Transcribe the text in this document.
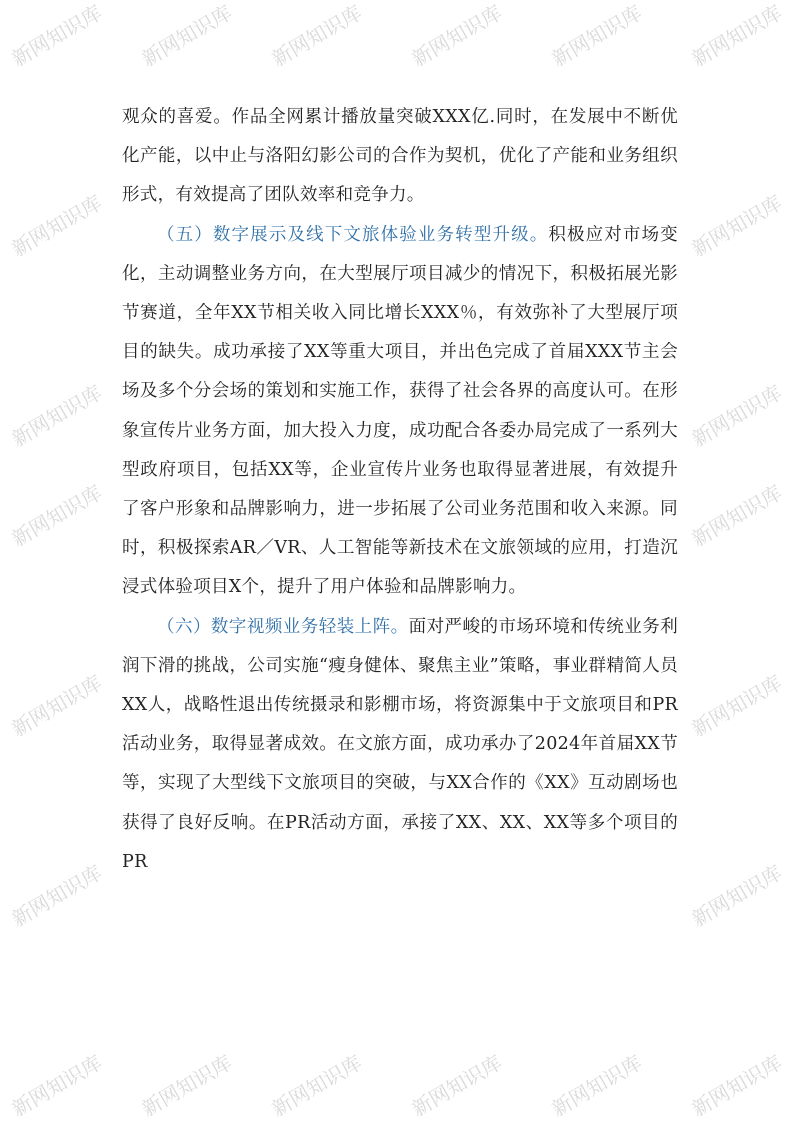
新网知识库	新网知识库	新网知识库	新网知识库	新网知识库	新网知识库
新网知识库	新网知识库
新网知识库	新网知识库
新网知识库	新网知识库
新网知识库	新网知识库
新网知识库	新网知识库
新网知识库	新网知识库	新网知识库	新网知识库	新网知识库	新网知识库

观众的喜爱。作品全网累计播放量突破XXX亿.同时，在发展中不断优化产能，以中止与洛阳幻影公司的合作为契机，优化了产能和业务组织形式，有效提高了团队效率和竞争力。

（五）数字展示及线下文旅体验业务转型升级。积极应对市场变化，主动调整业务方向，在大型展厅项目减少的情况下，积极拓展光影节赛道，全年XX节相关收入同比增长XXX％，有效弥补了大型展厅项目的缺失。成功承接了XX等重大项目，并出色完成了首届XXX节主会场及多个分会场的策划和实施工作，获得了社会各界的高度认可。在形象宣传片业务方面，加大投入力度，成功配合各委办局完成了一系列大型政府项目，包括XX等，企业宣传片业务也取得显著进展，有效提升了客户形象和品牌影响力，进一步拓展了公司业务范围和收入来源。同时，积极探索AR／VR、人工智能等新技术在文旅领域的应用，打造沉浸式体验项目X个，提升了用户体验和品牌影响力。

（六）数字视频业务轻装上阵。面对严峻的市场环境和传统业务利润下滑的挑战，公司实施“瘦身健体、聚焦主业”策略，事业群精简人员XX人，战略性退出传统摄录和影棚市场，将资源集中于文旅项目和PR活动业务，取得显著成效。在文旅方面，成功承办了2024年首届XX节等，实现了大型线下文旅项目的突破，与XX合作的《XX》互动剧场也获得了良好反响。在PR活动方面，承接了XX、XX、XX等多个项目的PR
